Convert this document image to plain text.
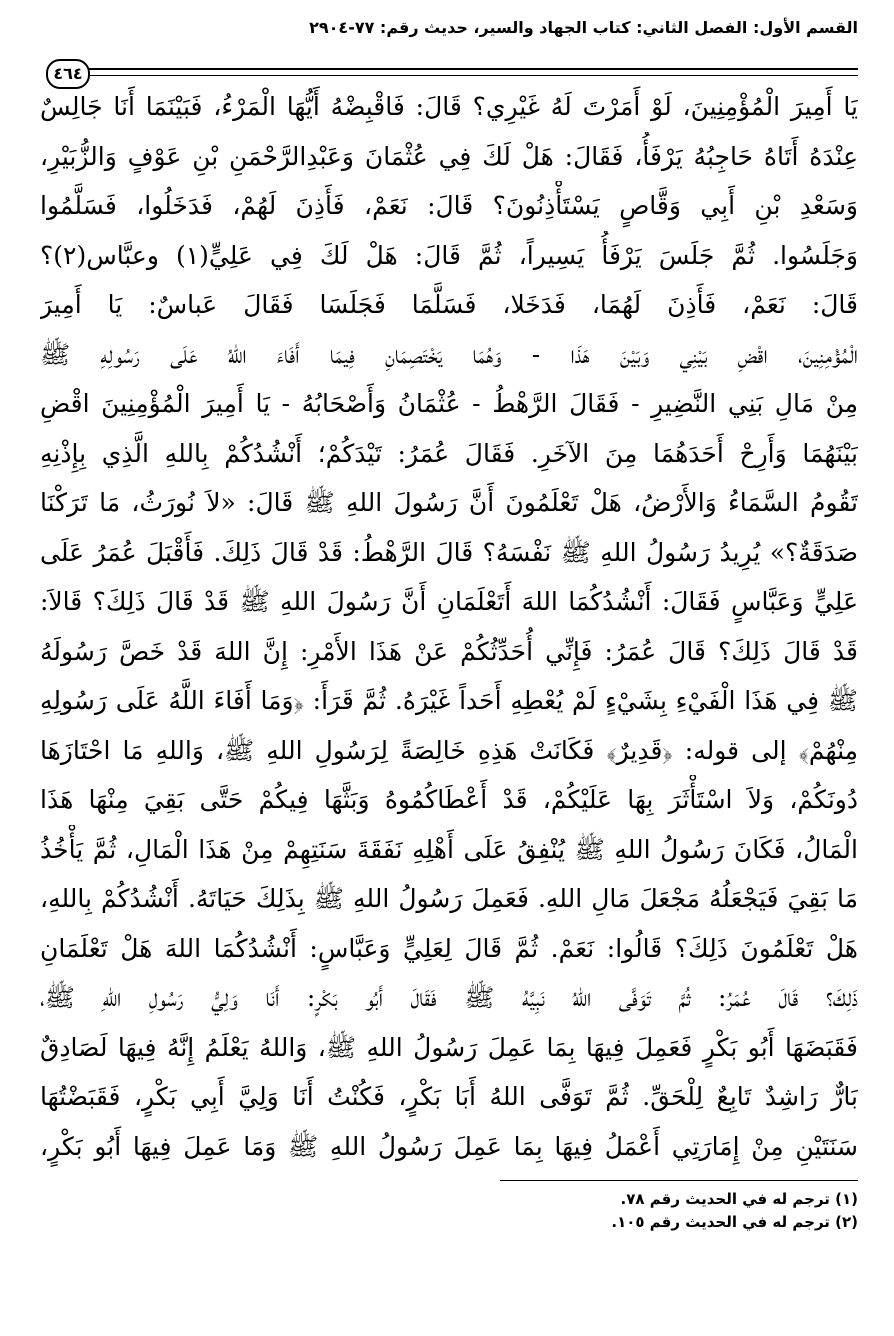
القسم الأول: الفصل الثاني: كتاب الجهاد والسير، حديث رقم: ٧٧-٢٩٠٤
٤٦٤
يَا أَمِيرَ الْمُؤْمِنِينَ، لَوْ أَمَرْتَ لَهُ غَيْرِي؟ قَالَ: فَاقْبِضْهُ أَيُّهَا الْمَرْءُ، فَبَيْنَمَا أَنَا جَالِسٌ
عِنْدَهُ أَتَاهُ حَاجِبُهُ يَرْفَأُ، فَقَالَ: هَلْ لَكَ فِي عُثْمَانَ وَعَبْدِالرَّحْمَنِ بْنِ عَوْفٍ وَالزُّبَيْرِ،
وَسَعْدِ بْنِ أَبِي وَقَّاصٍ يَسْتَأْذِنُونَ؟ قَالَ: نَعَمْ، فَأَذِنَ لَهُمْ، فَدَخَلُوا، فَسَلَّمُوا
وَجَلَسُوا. ثُمَّ جَلَسَ يَرْفَأُ يَسِيراً، ثُمَّ قَالَ: هَلْ لَكَ فِي عَلِيٍّ(١) وعبَّاس(٢)؟
قَالَ: نَعَمْ، فَأَذِنَ لَهُمَا، فَدَخَلا، فَسَلَّمَا فَجَلَسَا فَقَالَ عَباسٌ: يَا أَمِيرَ
الْمُؤْمِنِينَ، اقْضِ بَيْنِي وَبَيْنَ هَذَا - وَهُمَا يَخْتَصِمَانِ فِيمَا أَفَاءَ اللهُ عَلَى رَسُولِهِ ﷺ
مِنْ مَالِ بَنِي النَّضِيرِ - فَقَالَ الرَّهْطُ - عُثْمَانُ وَأَصْحَابُهُ - يَا أَمِيرَ الْمُؤْمِنِينَ اقْضِ
بَيْنَهُمَا وَأَرِحْ أَحَدَهُمَا مِنَ الآخَرِ. فَقَالَ عُمَرُ: تَيْدَكُمْ؛ أَنْشُدُكُمْ بِاللهِ الَّذِي بِإِذْنِهِ
تَقُومُ السَّمَاءُ وَالأَرْضُ، هَلْ تَعْلَمُونَ أَنَّ رَسُولَ اللهِ ﷺ قَالَ: «لاَ نُورَثُ، مَا تَرَكْنَا
صَدَقَةٌ؟» يُرِيدُ رَسُولُ اللهِ ﷺ نَفْسَهُ؟ قَالَ الرَّهْطُ: قَدْ قَالَ ذَلِكَ. فَأَقْبَلَ عُمَرُ عَلَى
عَلِيٍّ وَعَبَّاسٍ فَقَالَ: أَنْشُدُكُمَا اللهَ أَتَعْلَمَانِ أَنَّ رَسُولَ اللهِ ﷺ قَدْ قَالَ ذَلِكَ؟ قَالاَ:
قَدْ قَالَ ذَلِكَ؟ قَالَ عُمَرُ: فَإِنِّي أُحَدِّثُكُمْ عَنْ هَذَا الأَمْرِ: إِنَّ اللهَ قَدْ خَصَّ رَسُولَهُ
ﷺ فِي هَذَا الْفَيْءِ بِشَيْءٍ لَمْ يُعْطِهِ أَحَداً غَيْرَهُ. ثُمَّ قَرَأَ: ﴿وَمَا أَفَاءَ اللَّهُ عَلَى رَسُولِهِ
مِنْهُمْ﴾ إلى قوله: ﴿قَدِيرٌ﴾ فَكَانَتْ هَذِهِ خَالِصَةً لِرَسُولِ اللهِ ﷺ، وَاللهِ مَا احْتَازَهَا
دُونَكُمْ، وَلاَ اسْتَأْثَرَ بِهَا عَلَيْكُمْ، قَدْ أَعْطَاكُمُوهُ وَبَثَّهَا فِيكُمْ حَتَّى بَقِيَ مِنْهَا هَذَا
الْمَالُ، فَكَانَ رَسُولُ اللهِ ﷺ يُنْفِقُ عَلَى أَهْلِهِ نَفَقَةَ سَنَتِهِمْ مِنْ هَذَا الْمَالِ، ثُمَّ يَأْخُذُ
مَا بَقِيَ فَيَجْعَلُهُ مَجْعَلَ مَالِ اللهِ. فَعَمِلَ رَسُولُ اللهِ ﷺ بِذَلِكَ حَيَاتَهُ. أَنْشُدُكُمْ بِاللهِ،
هَلْ تَعْلَمُونَ ذَلِكَ؟ قَالُوا: نَعَمْ. ثُمَّ قَالَ لِعَلِيٍّ وَعَبَّاسٍ: أَنْشُدُكُمَا اللهَ هَلْ تَعْلَمَانِ
ذَلِكَ؟ قَالَ عُمَرُ: ثُمَّ تَوَفَّى اللهُ نَبِيَّهُ ﷺ فَقَالَ أَبُو بَكْرٍ: أَنَا وَلِيُّ رَسُولِ اللهِ ﷺ،
فَقَبَضَهَا أَبُو بَكْرٍ فَعَمِلَ فِيهَا بِمَا عَمِلَ رَسُولُ اللهِ ﷺ، وَاللهُ يَعْلَمُ إِنَّهُ فِيهَا لَصَادِقٌ
بَارٌّ رَاشِدٌ تَابِعٌ لِلْحَقِّ. ثُمَّ تَوَفَّى اللهُ أَبَا بَكْرٍ، فَكُنْتُ أَنَا وَلِيَّ أَبِي بَكْرٍ، فَقَبَضْتُهَا
سَنَتَيْنِ مِنْ إِمَارَتِي أَعْمَلُ فِيهَا بِمَا عَمِلَ رَسُولُ اللهِ ﷺ وَمَا عَمِلَ فِيهَا أَبُو بَكْرٍ،
(١) ترجم له في الحديث رقم ٧٨.
(٢) ترجم له في الحديث رقم ١٠٥.
